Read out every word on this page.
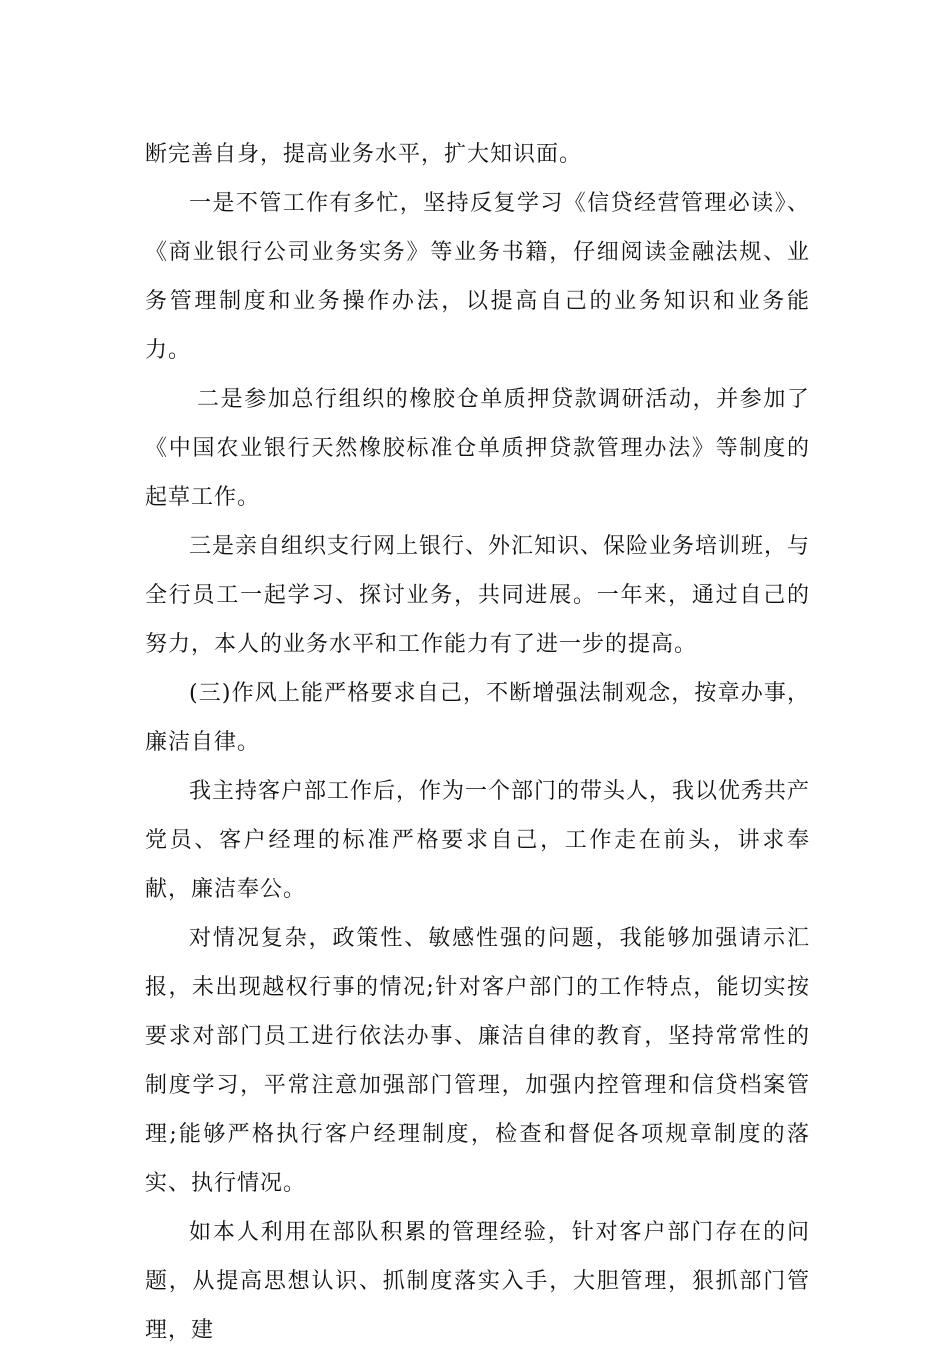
断完善自身，提高业务水平，扩大知识面。

一是不管工作有多忙，坚持反复学习《信贷经营管理必读》、《商业银行公司业务实务》等业务书籍，仔细阅读金融法规、业务管理制度和业务操作办法，以提高自己的业务知识和业务能力。

二是参加总行组织的橡胶仓单质押贷款调研活动，并参加了《中国农业银行天然橡胶标准仓单质押贷款管理办法》等制度的起草工作。

三是亲自组织支行网上银行、外汇知识、保险业务培训班，与全行员工一起学习、探讨业务，共同进展。一年来，通过自己的努力，本人的业务水平和工作能力有了进一步的提高。

(三)作风上能严格要求自己，不断增强法制观念，按章办事，廉洁自律。

我主持客户部工作后，作为一个部门的带头人，我以优秀共产党员、客户经理的标准严格要求自己，工作走在前头，讲求奉献，廉洁奉公。

对情况复杂，政策性、敏感性强的问题，我能够加强请示汇报，未出现越权行事的情况;针对客户部门的工作特点，能切实按要求对部门员工进行依法办事、廉洁自律的教育，坚持常常性的制度学习，平常注意加强部门管理，加强内控管理和信贷档案管理;能够严格执行客户经理制度，检查和督促各项规章制度的落实、执行情况。

如本人利用在部队积累的管理经验，针对客户部门存在的问题，从提高思想认识、抓制度落实入手，大胆管理，狠抓部门管理，建
